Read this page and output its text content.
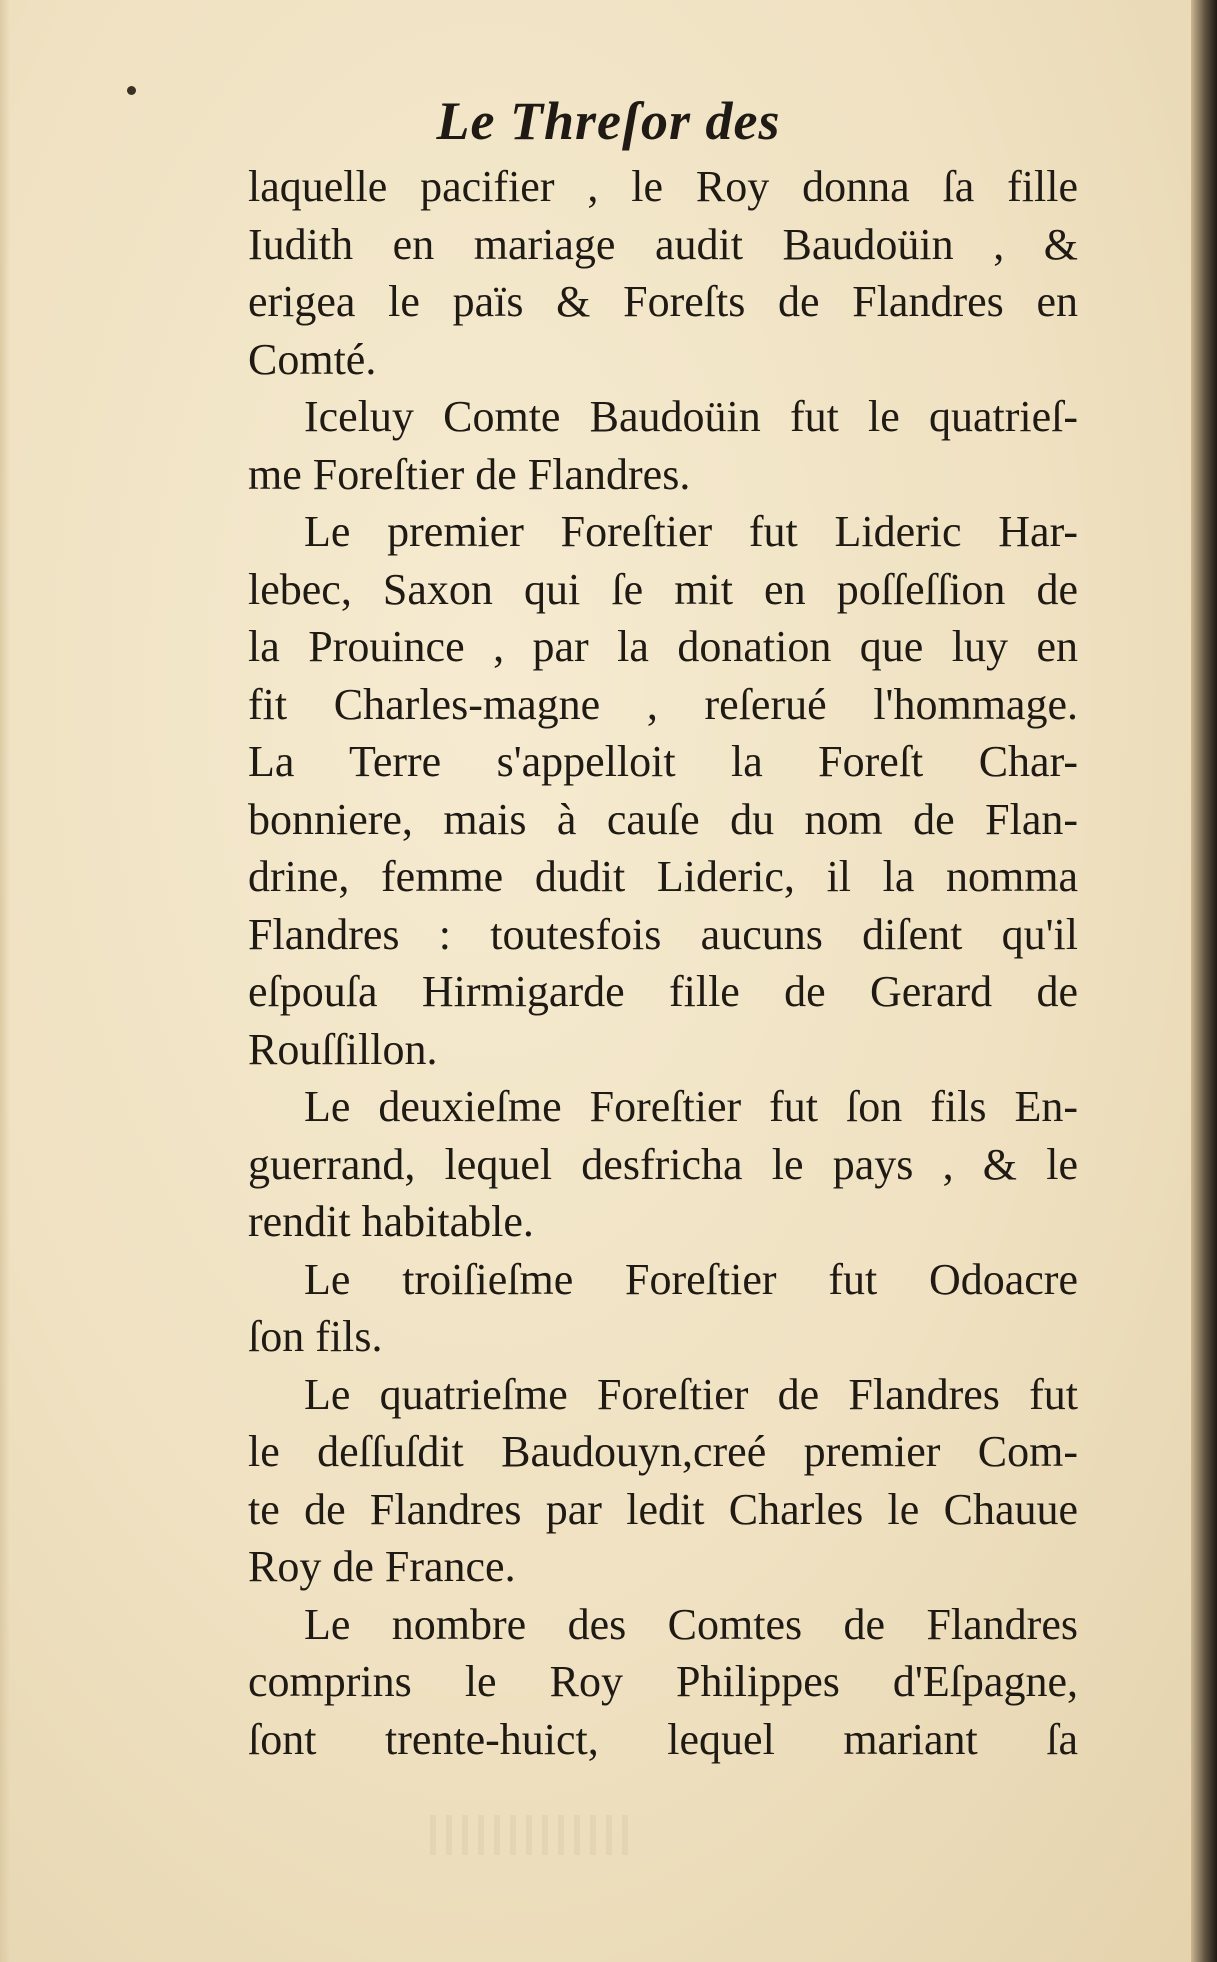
Le Threſor des
laquelle pacifier , le Roy donna ſa fille
Iudith en mariage audit Baudoüin , &
erigea le païs & Foreſts de Flandres en
Comté.
Iceluy Comte Baudoüin fut le quatrieſ-
me Foreſtier de Flandres.
Le premier Foreſtier fut Lideric Har-
lebec, Saxon qui ſe mit en poſſeſſion de
la Prouince , par la donation que luy en
fit Charles-magne , reſerué l'hommage.
La Terre s'appelloit la Foreſt Char-
bonniere, mais à cauſe du nom de Flan-
drine, femme dudit Lideric, il la nomma
Flandres : toutesfois aucuns diſent qu'il
eſpouſa Hirmigarde fille de Gerard de
Rouſſillon.
Le deuxieſme Foreſtier fut ſon fils En-
guerrand, lequel desfricha le pays , & le
rendit habitable.
Le troiſieſme Foreſtier fut Odoacre
ſon fils.
Le quatrieſme Foreſtier de Flandres fut
le deſſuſdit Baudouyn,creé premier Com-
te de Flandres par ledit Charles le Chauue
Roy de France.
Le nombre des Comtes de Flandres
comprins le Roy Philippes d'Eſpagne,
ſont trente-huict, lequel mariant ſa
